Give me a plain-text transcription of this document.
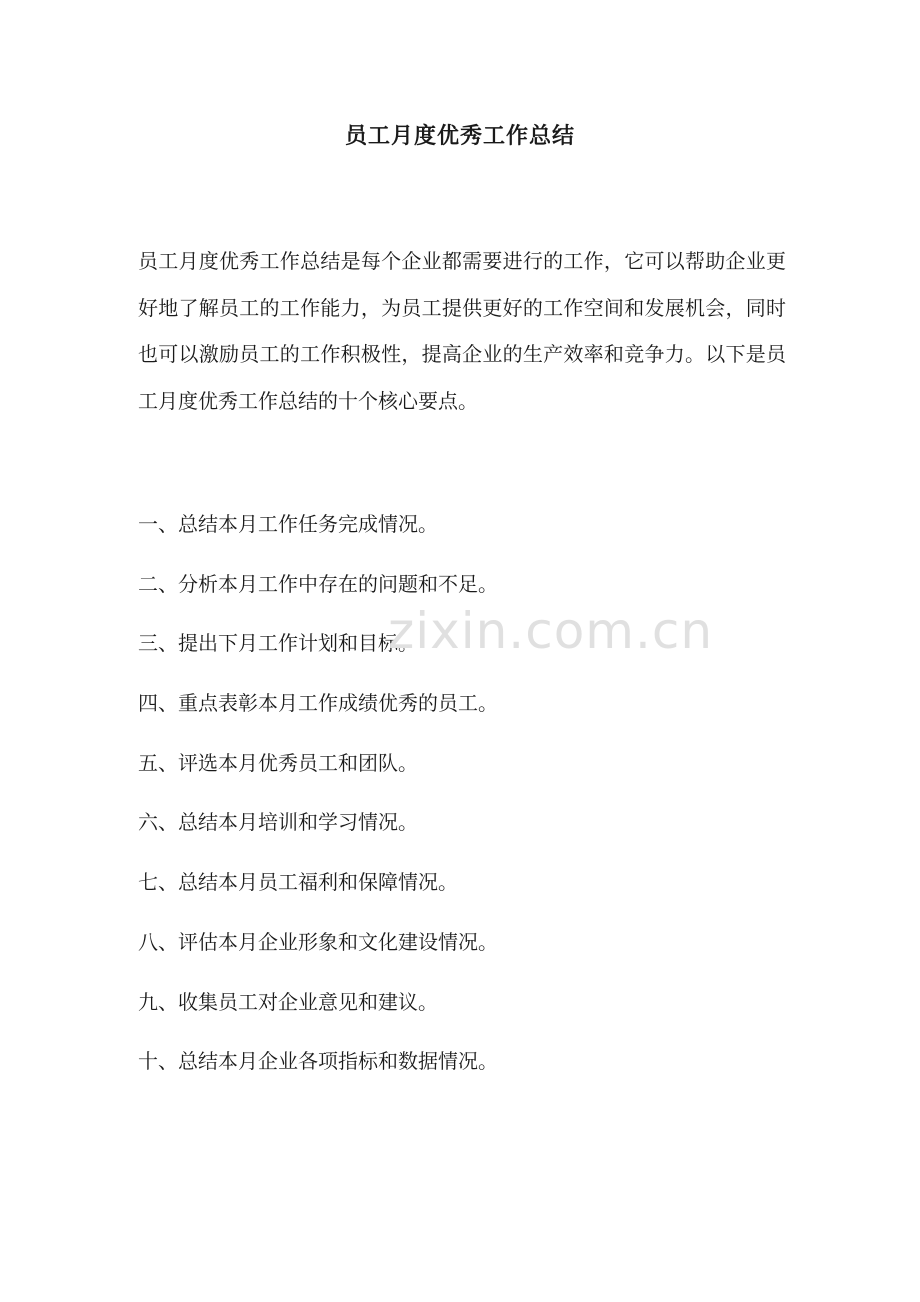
员工月度优秀工作总结

员工月度优秀工作总结是每个企业都需要进行的工作，它可以帮助企业更好地了解员工的工作能力，为员工提供更好的工作空间和发展机会，同时也可以激励员工的工作积极性，提高企业的生产效率和竞争力。以下是员工月度优秀工作总结的十个核心要点。

一、总结本月工作任务完成情况。
二、分析本月工作中存在的问题和不足。
三、提出下月工作计划和目标。
四、重点表彰本月工作成绩优秀的员工。
五、评选本月优秀员工和团队。
六、总结本月培训和学习情况。
七、总结本月员工福利和保障情况。
八、评估本月企业形象和文化建设情况。
九、收集员工对企业意见和建议。
十、总结本月企业各项指标和数据情况。
zixin.com.cn
